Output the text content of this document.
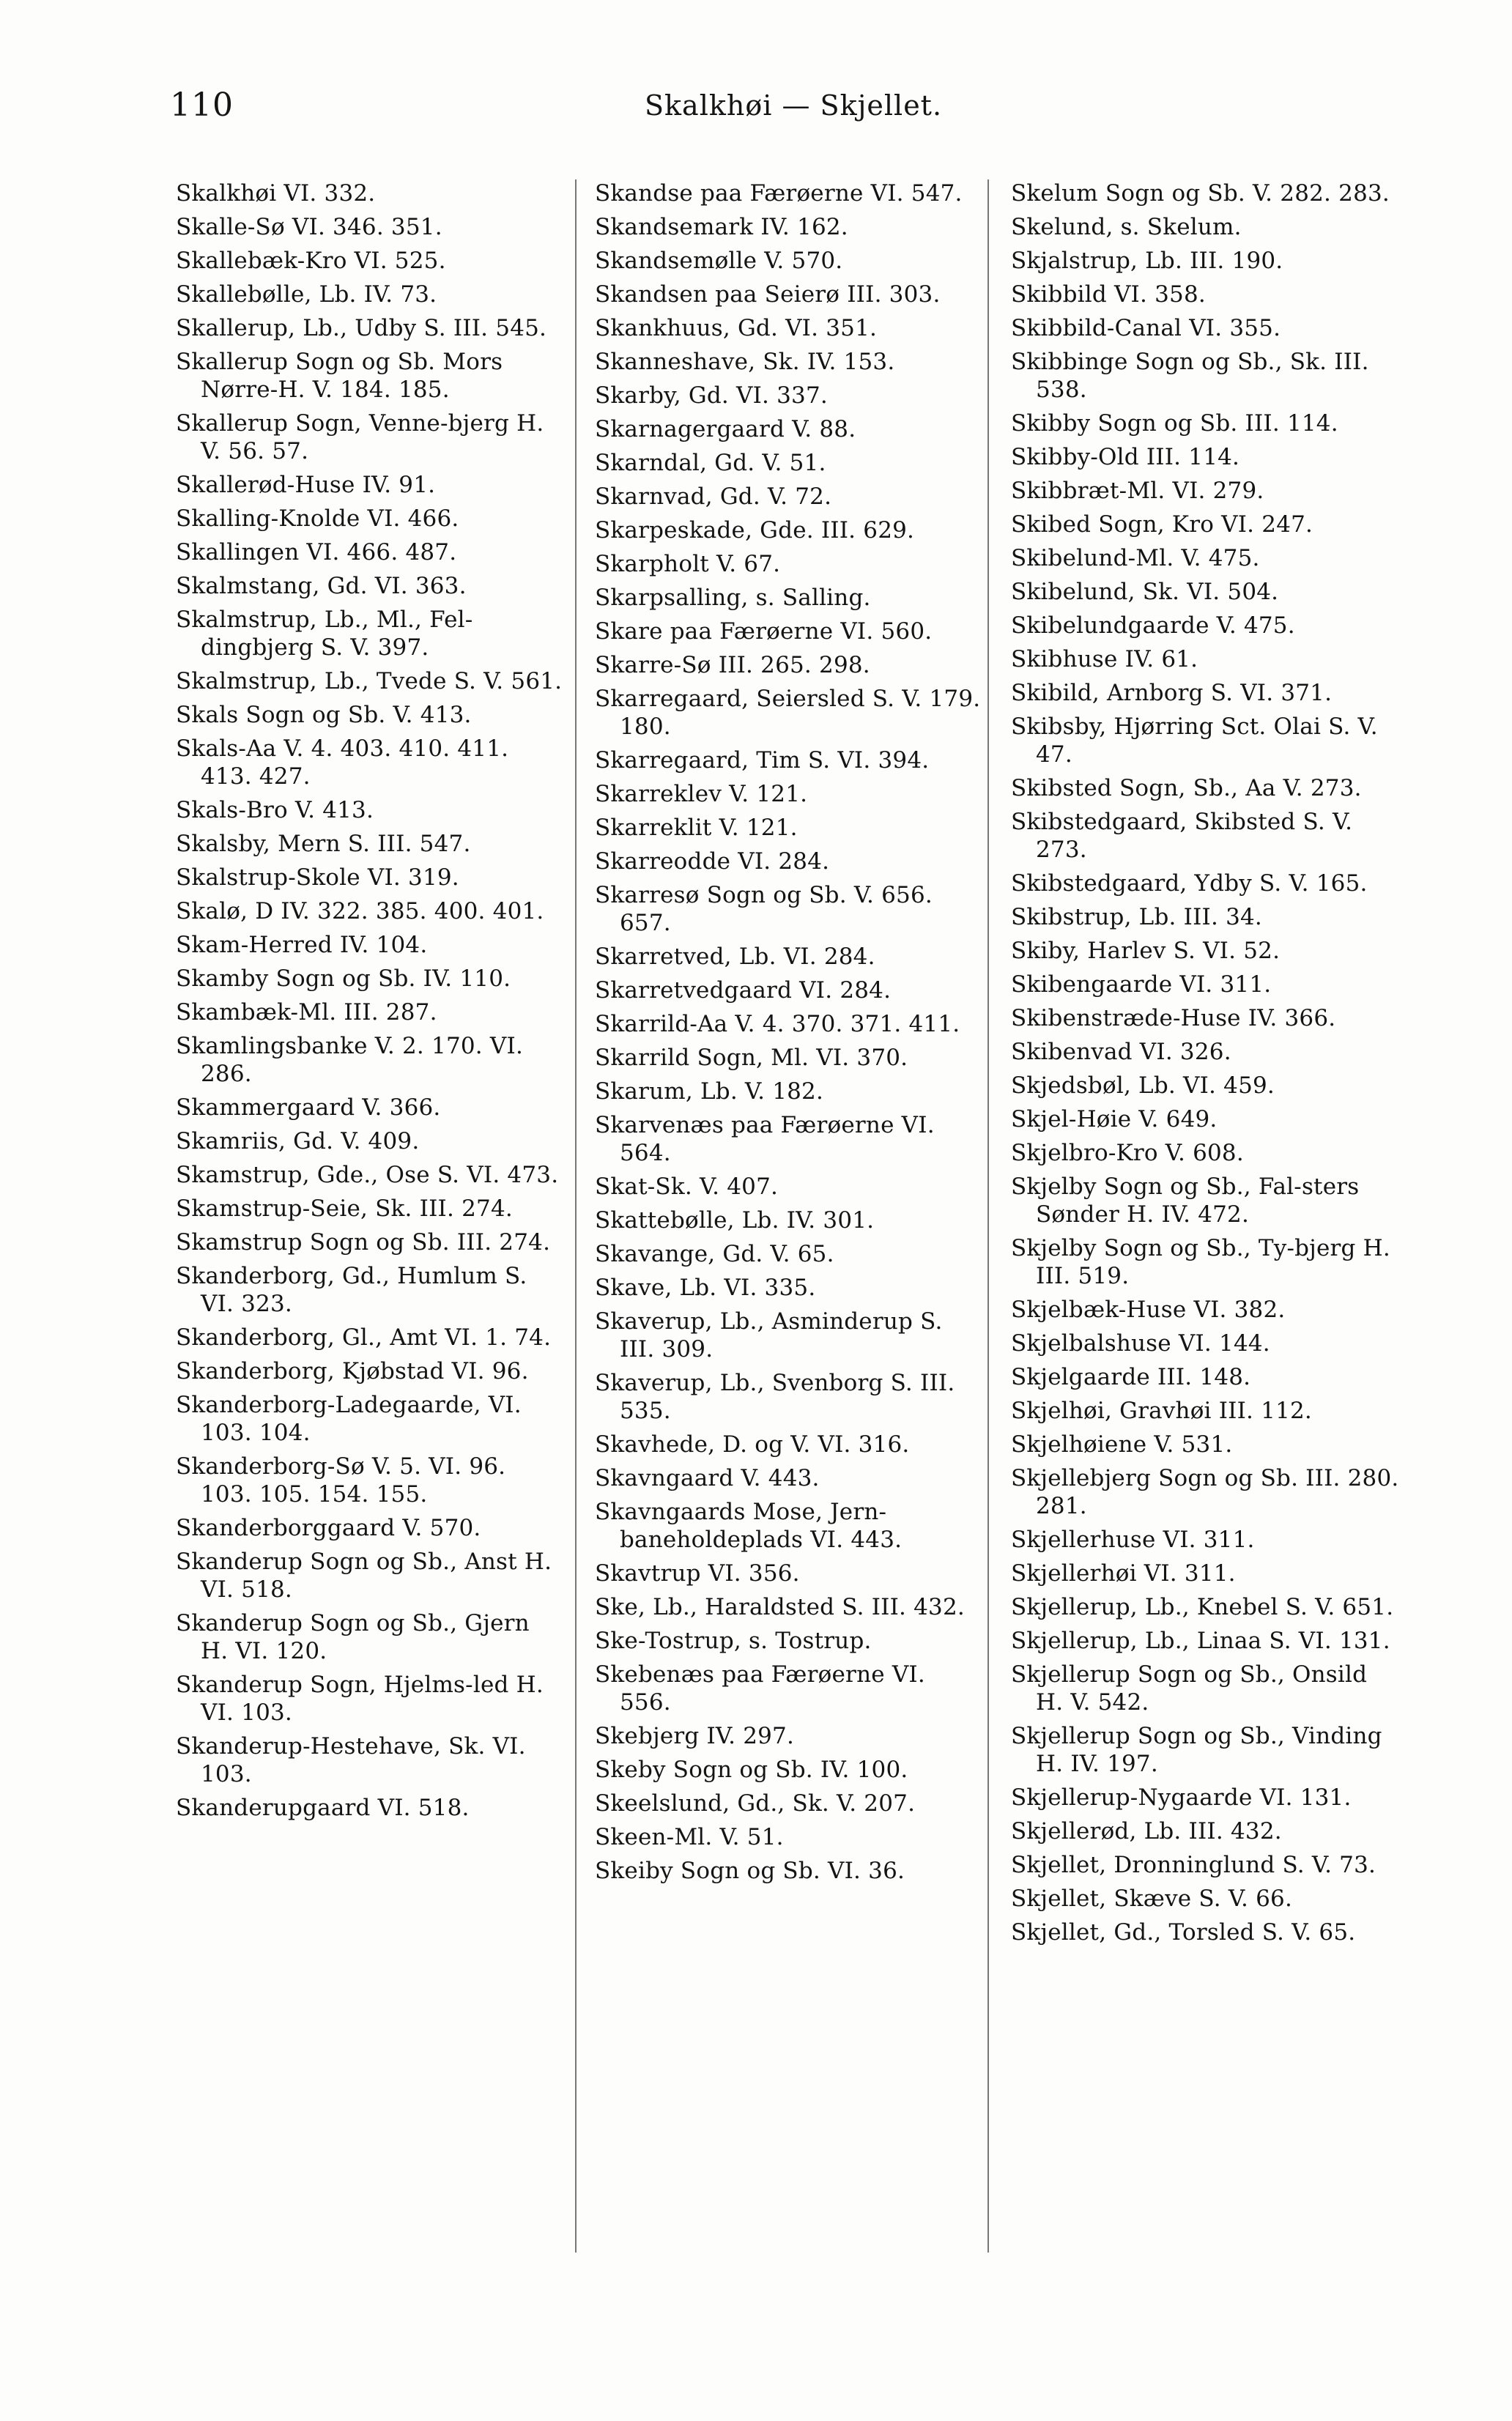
110	Skalkhøi — Skjellet.
Skalkhøi VI. 332.
Skalle-Sø VI. 346. 351.
Skallebæk-Kro VI. 525.
Skallebølle, Lb. IV. 73.
Skallerup, Lb., Udby S. III. 545.
Skallerup Sogn og Sb. Mors Nørre-H. V. 184. 185.
Skallerup Sogn, Venne-bjerg H. V. 56. 57.
Skallerød-Huse IV. 91.
Skalling-Knolde VI. 466.
Skallingen VI. 466. 487.
Skalmstang, Gd. VI. 363.
Skalmstrup, Lb., Ml., Fel-dingbjerg S. V. 397.
Skalmstrup, Lb., Tvede S. V. 561.
Skals Sogn og Sb. V. 413.
Skals-Aa V. 4. 403. 410. 411. 413. 427.
Skals-Bro V. 413.
Skalsby, Mern S. III. 547.
Skalstrup-Skole VI. 319.
Skalø, D IV. 322. 385. 400. 401.
Skam-Herred IV. 104.
Skamby Sogn og Sb. IV. 110.
Skambæk-Ml. III. 287.
Skamlingsbanke V. 2. 170. VI. 286.
Skammergaard V. 366.
Skamriis, Gd. V. 409.
Skamstrup, Gde., Ose S. VI. 473.
Skamstrup-Seie, Sk. III. 274.
Skamstrup Sogn og Sb. III. 274.
Skanderborg, Gd., Humlum S. VI. 323.
Skanderborg, Gl., Amt VI. 1. 74.
Skanderborg, Kjøbstad VI. 96.
Skanderborg-Ladegaarde, VI. 103. 104.
Skanderborg-Sø V. 5. VI. 96. 103. 105. 154. 155.
Skanderborggaard V. 570.
Skanderup Sogn og Sb., Anst H. VI. 518.
Skanderup Sogn og Sb., Gjern H. VI. 120.
Skanderup Sogn, Hjelms-led H. VI. 103.
Skanderup-Hestehave, Sk. VI. 103.
Skanderupgaard VI. 518.
Skandse paa Færøerne VI. 547.
Skandsemark IV. 162.
Skandsemølle V. 570.
Skandsen paa Seierø III. 303.
Skankhuus, Gd. VI. 351.
Skanneshave, Sk. IV. 153.
Skarby, Gd. VI. 337.
Skarnagergaard V. 88.
Skarndal, Gd. V. 51.
Skarnvad, Gd. V. 72.
Skarpeskade, Gde. III. 629.
Skarpholt V. 67.
Skarpsalling, s. Salling.
Skare paa Færøerne VI. 560.
Skarre-Sø III. 265. 298.
Skarregaard, Seiersled S. V. 179. 180.
Skarregaard, Tim S. VI. 394.
Skarreklev V. 121.
Skarreklit V. 121.
Skarreodde VI. 284.
Skarresø Sogn og Sb. V. 656. 657.
Skarretved, Lb. VI. 284.
Skarretvedgaard VI. 284.
Skarrild-Aa V. 4. 370. 371. 411.
Skarrild Sogn, Ml. VI. 370.
Skarum, Lb. V. 182.
Skarvenæs paa Færøerne VI. 564.
Skat-Sk. V. 407.
Skattebølle, Lb. IV. 301.
Skavange, Gd. V. 65.
Skave, Lb. VI. 335.
Skaverup, Lb., Asminderup S. III. 309.
Skaverup, Lb., Svenborg S. III. 535.
Skavhede, D. og V. VI. 316.
Skavngaard V. 443.
Skavngaards Mose, Jern-baneholdeplads VI. 443.
Skavtrup VI. 356.
Ske, Lb., Haraldsted S. III. 432.
Ske-Tostrup, s. Tostrup.
Skebenæs paa Færøerne VI. 556.
Skebjerg IV. 297.
Skeby Sogn og Sb. IV. 100.
Skeelslund, Gd., Sk. V. 207.
Skeen-Ml. V. 51.
Skeiby Sogn og Sb. VI. 36.
Skelum Sogn og Sb. V. 282. 283.
Skelund, s. Skelum.
Skjalstrup, Lb. III. 190.
Skibbild VI. 358.
Skibbild-Canal VI. 355.
Skibbinge Sogn og Sb., Sk. III. 538.
Skibby Sogn og Sb. III. 114.
Skibby-Old III. 114.
Skibbræt-Ml. VI. 279.
Skibed Sogn, Kro VI. 247.
Skibelund-Ml. V. 475.
Skibelund, Sk. VI. 504.
Skibelundgaarde V. 475.
Skibhuse IV. 61.
Skibild, Arnborg S. VI. 371.
Skibsby, Hjørring Sct. Olai S. V. 47.
Skibsted Sogn, Sb., Aa V. 273.
Skibstedgaard, Skibsted S. V. 273.
Skibstedgaard, Ydby S. V. 165.
Skibstrup, Lb. III. 34.
Skiby, Harlev S. VI. 52.
Skibengaarde VI. 311.
Skibenstræde-Huse IV. 366.
Skibenvad VI. 326.
Skjedsbøl, Lb. VI. 459.
Skjel-Høie V. 649.
Skjelbro-Kro V. 608.
Skjelby Sogn og Sb., Fal-sters Sønder H. IV. 472.
Skjelby Sogn og Sb., Ty-bjerg H. III. 519.
Skjelbæk-Huse VI. 382.
Skjelbalshuse VI. 144.
Skjelgaarde III. 148.
Skjelhøi, Gravhøi III. 112.
Skjelhøiene V. 531.
Skjellebjerg Sogn og Sb. III. 280. 281.
Skjellerhuse VI. 311.
Skjellerhøi VI. 311.
Skjellerup, Lb., Knebel S. V. 651.
Skjellerup, Lb., Linaa S. VI. 131.
Skjellerup Sogn og Sb., Onsild H. V. 542.
Skjellerup Sogn og Sb., Vinding H. IV. 197.
Skjellerup-Nygaarde VI. 131.
Skjellerød, Lb. III. 432.
Skjellet, Dronninglund S. V. 73.
Skjellet, Skæve S. V. 66.
Skjellet, Gd., Torsled S. V. 65.
